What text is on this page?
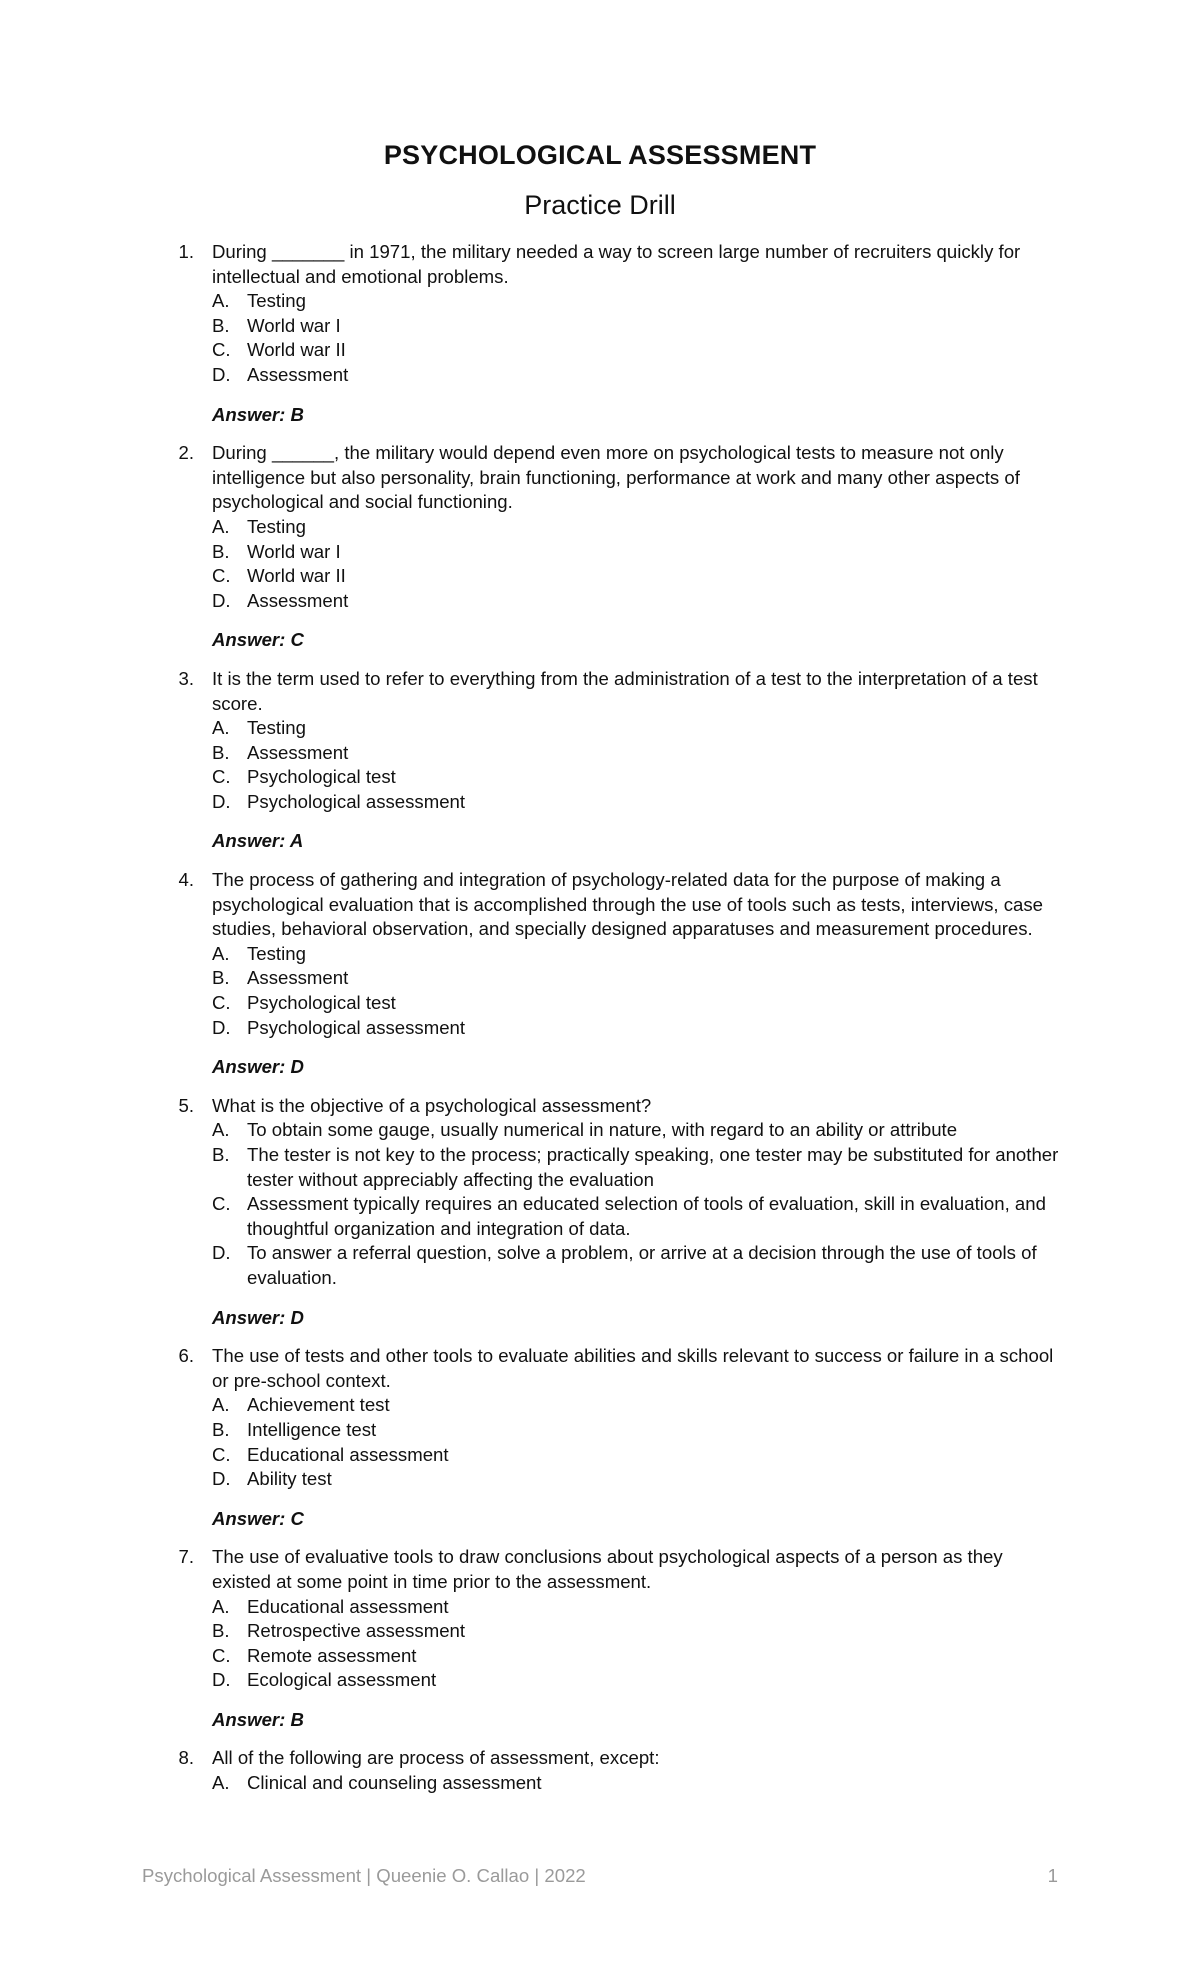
PSYCHOLOGICAL ASSESSMENT
Practice Drill
1. During _______ in 1971, the military needed a way to screen large number of recruiters quickly for intellectual and emotional problems.
A. Testing
B. World war I
C. World war II
D. Assessment
Answer: B
2. During ______, the military would depend even more on psychological tests to measure not only intelligence but also personality, brain functioning, performance at work and many other aspects of psychological and social functioning.
A. Testing
B. World war I
C. World war II
D. Assessment
Answer: C
3. It is the term used to refer to everything from the administration of a test to the interpretation of a test score.
A. Testing
B. Assessment
C. Psychological test
D. Psychological assessment
Answer: A
4. The process of gathering and integration of psychology-related data for the purpose of making a psychological evaluation that is accomplished through the use of tools such as tests, interviews, case studies, behavioral observation, and specially designed apparatuses and measurement procedures.
A. Testing
B. Assessment
C. Psychological test
D. Psychological assessment
Answer: D
5. What is the objective of a psychological assessment?
A. To obtain some gauge, usually numerical in nature, with regard to an ability or attribute
B. The tester is not key to the process; practically speaking, one tester may be substituted for another tester without appreciably affecting the evaluation
C. Assessment typically requires an educated selection of tools of evaluation, skill in evaluation, and thoughtful organization and integration of data.
D. To answer a referral question, solve a problem, or arrive at a decision through the use of tools of evaluation.
Answer: D
6. The use of tests and other tools to evaluate abilities and skills relevant to success or failure in a school or pre-school context.
A. Achievement test
B. Intelligence test
C. Educational assessment
D. Ability test
Answer: C
7. The use of evaluative tools to draw conclusions about psychological aspects of a person as they existed at some point in time prior to the assessment.
A. Educational assessment
B. Retrospective assessment
C. Remote assessment
D. Ecological assessment
Answer: B
8. All of the following are process of assessment, except:
A. Clinical and counseling assessment
Psychological Assessment | Queenie O. Callao | 2022	1
